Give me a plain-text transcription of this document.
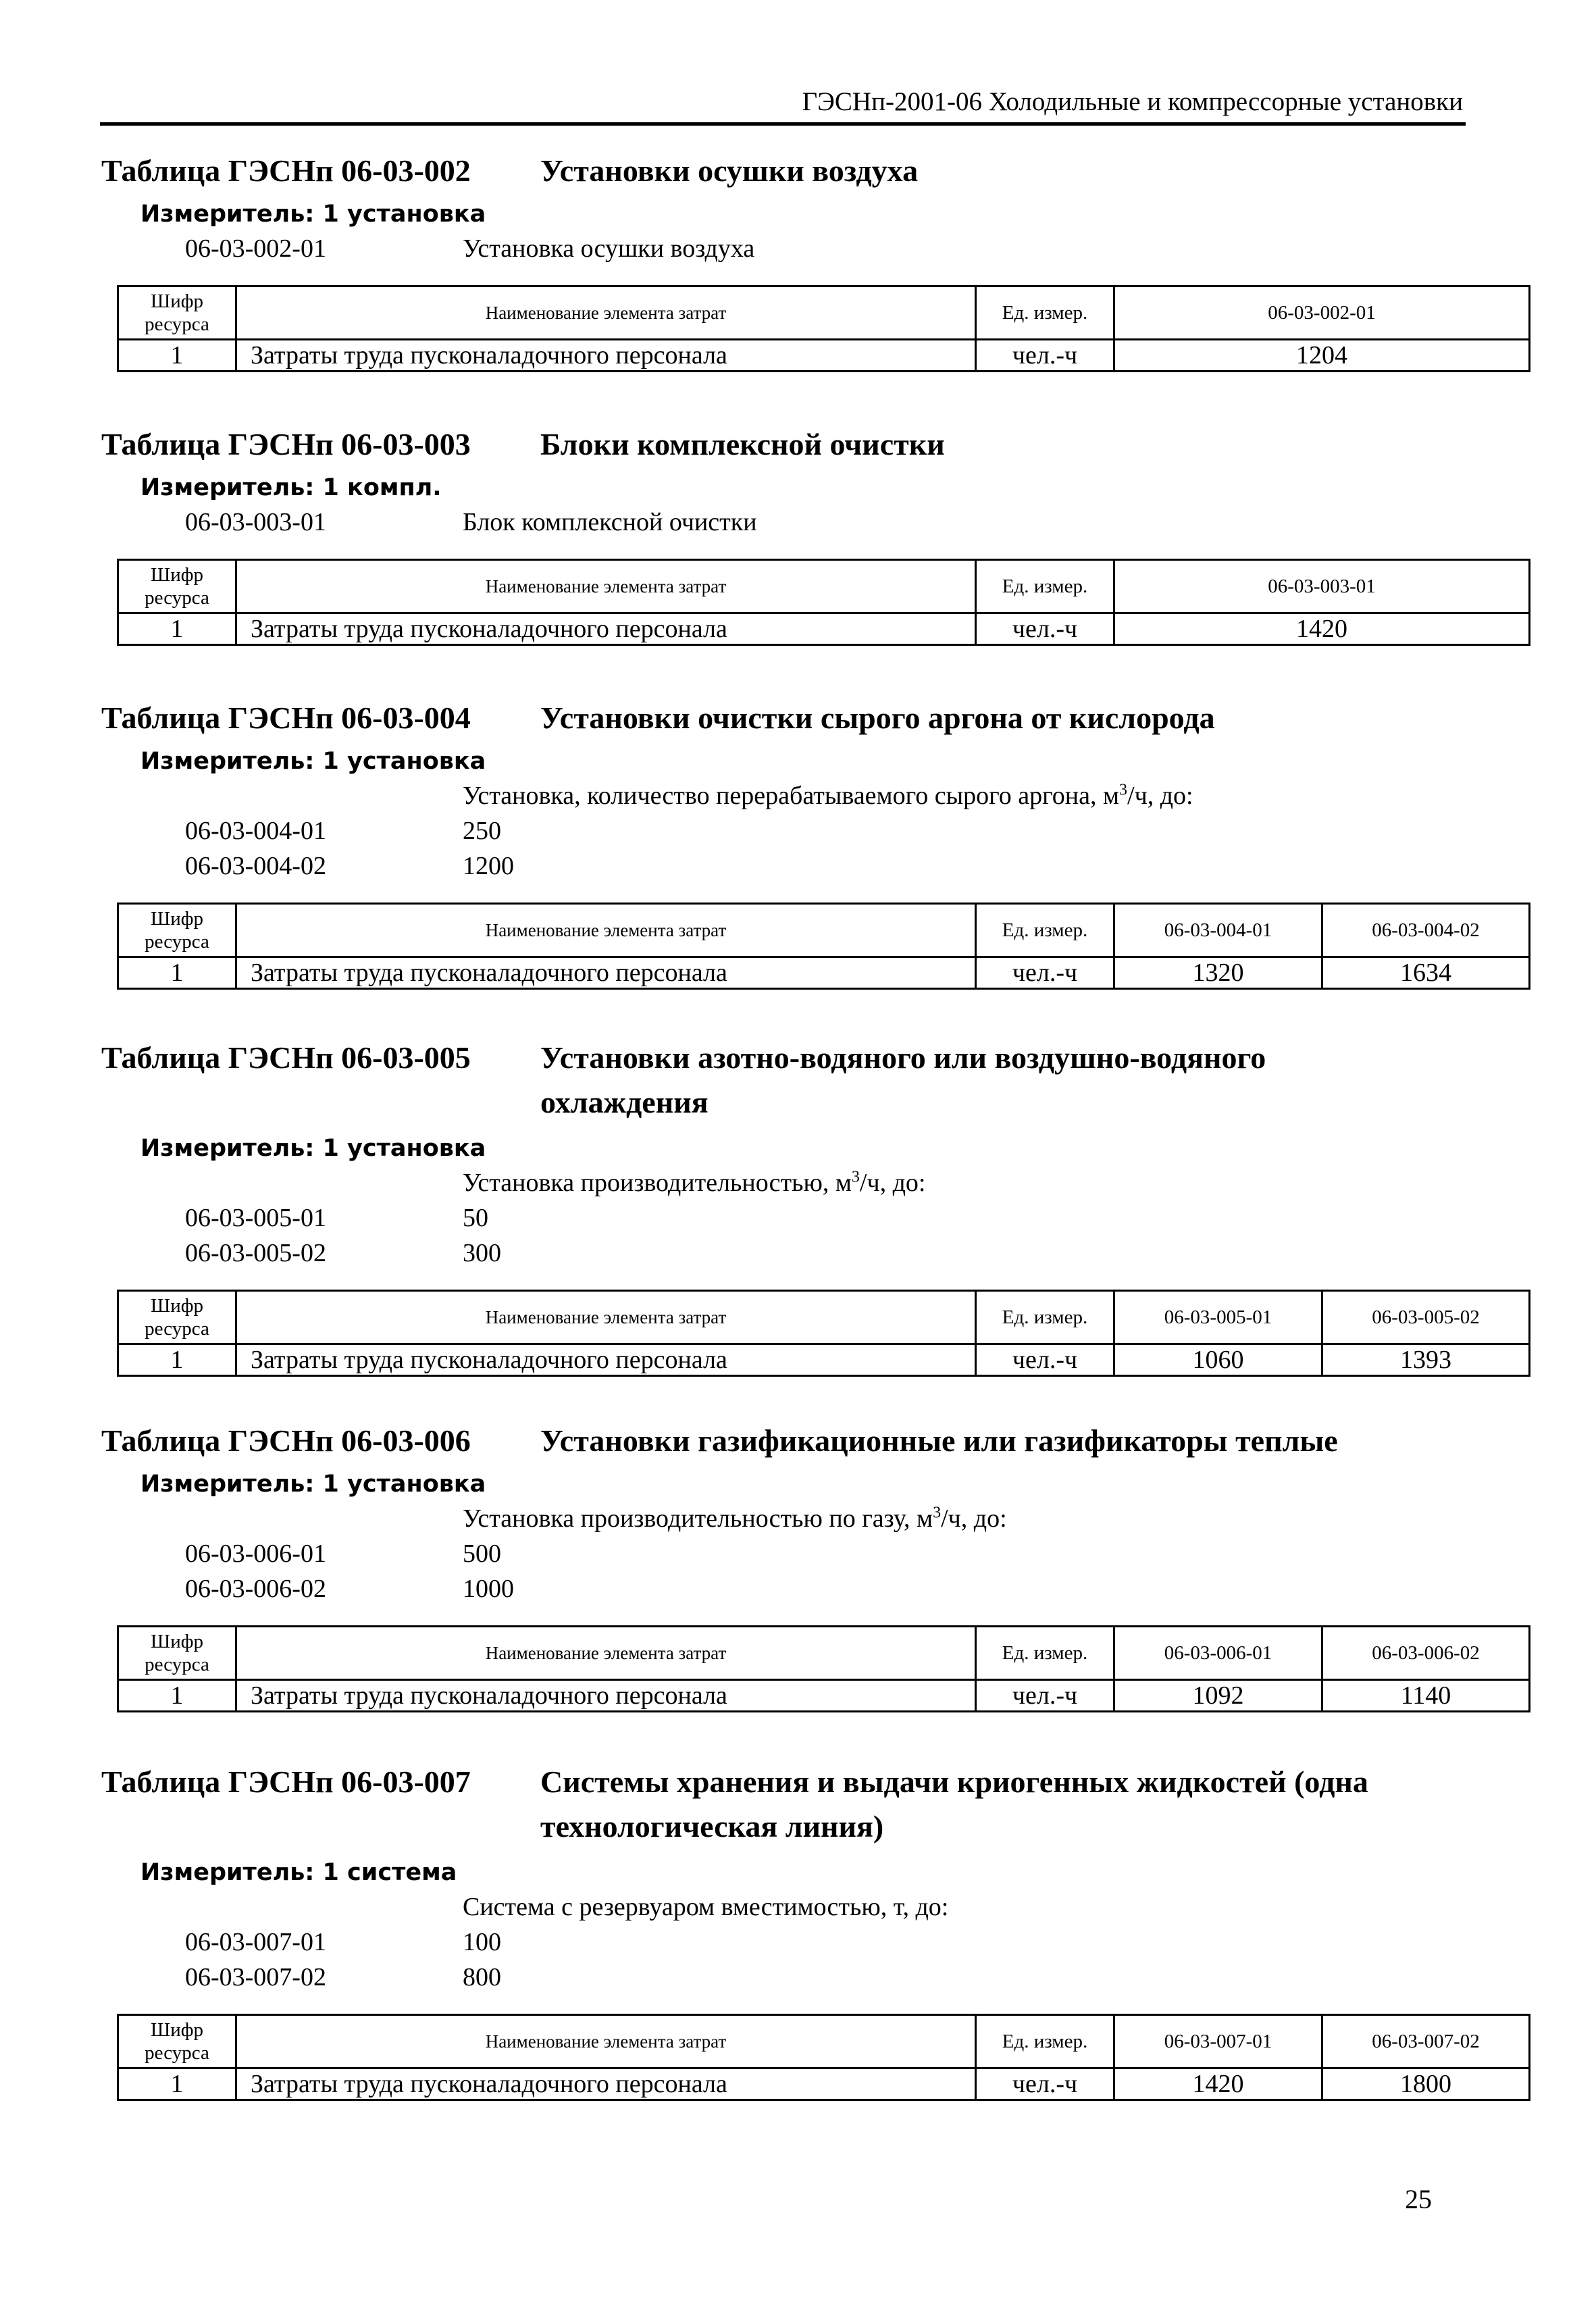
ГЭСНп-2001-06 Холодильные и компрессорные установки
Таблица ГЭСНп 06-03-002 Установки осушки воздуха
Измеритель: 1 установка
06-03-002-01	Установка осушки воздуха
Шифр ресурса	Наименование элемента затрат	Ед. измер.	06-03-002-01
1	Затраты труда пусконаладочного персонала	чел.-ч	1204
Таблица ГЭСНп 06-03-003 Блоки комплексной очистки
Измеритель: 1 компл.
06-03-003-01	Блок комплексной очистки
Шифр ресурса	Наименование элемента затрат	Ед. измер.	06-03-003-01
1	Затраты труда пусконаладочного персонала	чел.-ч	1420
Таблица ГЭСНп 06-03-004 Установки очистки сырого аргона от кислорода
Измеритель: 1 установка
Установка, количество перерабатываемого сырого аргона, $м^3/ч$, до:
06-03-004-01	250
06-03-004-02	1200
Шифр ресурса	Наименование элемента затрат	Ед. измер.	06-03-004-01	06-03-004-02
1	Затраты труда пусконаладочного персонала	чел.-ч	1320	1634
Таблица ГЭСНп 06-03-005 Установки азотно-водяного или воздушно-водяного охлаждения
Измеритель: 1 установка
Установка производительностью, $м^3/ч$, до:
06-03-005-01	50
06-03-005-02	300
Шифр ресурса	Наименование элемента затрат	Ед. измер.	06-03-005-01	06-03-005-02
1	Затраты труда пусконаладочного персонала	чел.-ч	1060	1393
Таблица ГЭСНп 06-03-006 Установки газификационные или газификаторы теплые
Измеритель: 1 установка
Установка производительностью по газу, $м^3/ч$, до:
06-03-006-01	500
06-03-006-02	1000
Шифр ресурса	Наименование элемента затрат	Ед. измер.	06-03-006-01	06-03-006-02
1	Затраты труда пусконаладочного персонала	чел.-ч	1092	1140
Таблица ГЭСНп 06-03-007 Системы хранения и выдачи криогенных жидкостей (одна технологическая линия)
Измеритель: 1 система
Система с резервуаром вместимостью, т, до:
06-03-007-01	100
06-03-007-02	800
Шифр ресурса	Наименование элемента затрат	Ед. измер.	06-03-007-01	06-03-007-02
1	Затраты труда пусконаладочного персонала	чел.-ч	1420	1800
25
